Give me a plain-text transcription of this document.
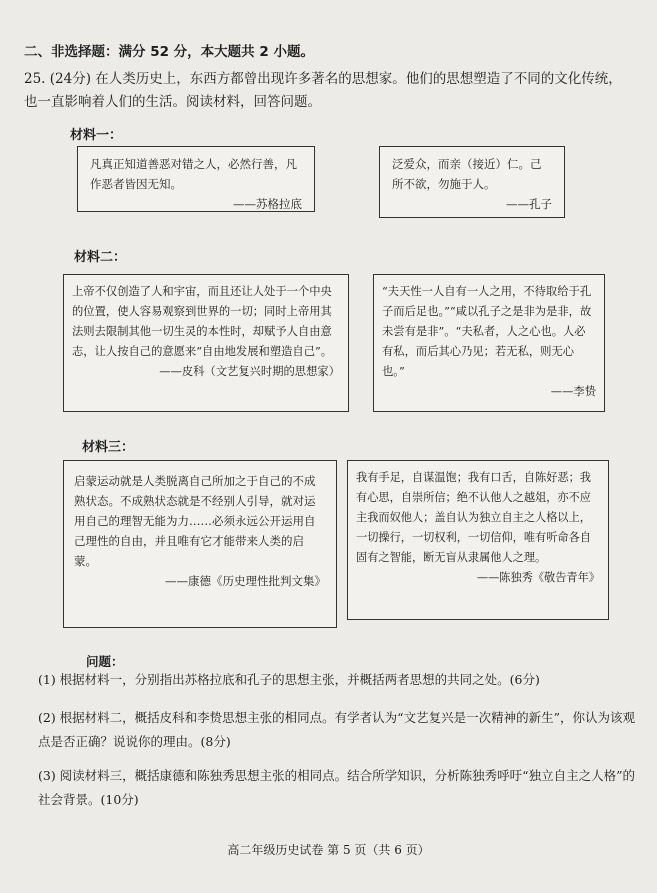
二、非选择题：满分 52 分，本大题共 2 小题。
25. (24分) 在人类历史上，东西方都曾出现许多著名的思想家。他们的思想塑造了不同的文化传统，也一直影响着人们的生活。阅读材料，回答问题。
材料一：

凡真正知道善恶对错之人，必然行善，凡作恶者皆因无知。

——苏格拉底

泛爱众，而亲（接近）仁。己所不欲，勿施于人。

——孔子

材料二：

上帝不仅创造了人和宇宙，而且还让人处于一个中央的位置，使人容易观察到世界的一切；同时上帝用其法则去限制其他一切生灵的本性时，却赋予人自由意志，让人按自己的意愿来“自由地发展和塑造自己”。

——皮科（文艺复兴时期的思想家）

“夫天性一人自有一人之用，不待取给于孔子而后足也。”“咸以孔子之是非为是非，故未尝有是非”。“夫私者，人之心也。人必有私，而后其心乃见；若无私，则无心也。”

——李贽

材料三：

启蒙运动就是人类脱离自己所加之于自己的不成熟状态。不成熟状态就是不经别人引导，就对运用自己的理智无能为力……必须永远公开运用自己理性的自由，并且唯有它才能带来人类的启蒙。

——康德《历史理性批判文集》

我有手足，自谋温饱；我有口舌，自陈好恶；我有心思，自崇所信；绝不认他人之越俎，亦不应主我而奴他人；盖自认为独立自主之人格以上，一切操行，一切权利，一切信仰，唯有听命各自固有之智能，断无盲从隶属他人之理。

——陈独秀《敬告青年》

问题：
(1) 根据材料一，分别指出苏格拉底和孔子的思想主张，并概括两者思想的共同之处。(6分)
(2) 根据材料二，概括皮科和李贽思想主张的相同点。有学者认为“文艺复兴是一次精神的新生”，你认为该观点是否正确？说说你的理由。(8分)
(3) 阅读材料三，概括康德和陈独秀思想主张的相同点。结合所学知识，分析陈独秀呼吁“独立自主之人格”的社会背景。(10分)
高二年级历史试卷 第 5 页（共 6 页）
